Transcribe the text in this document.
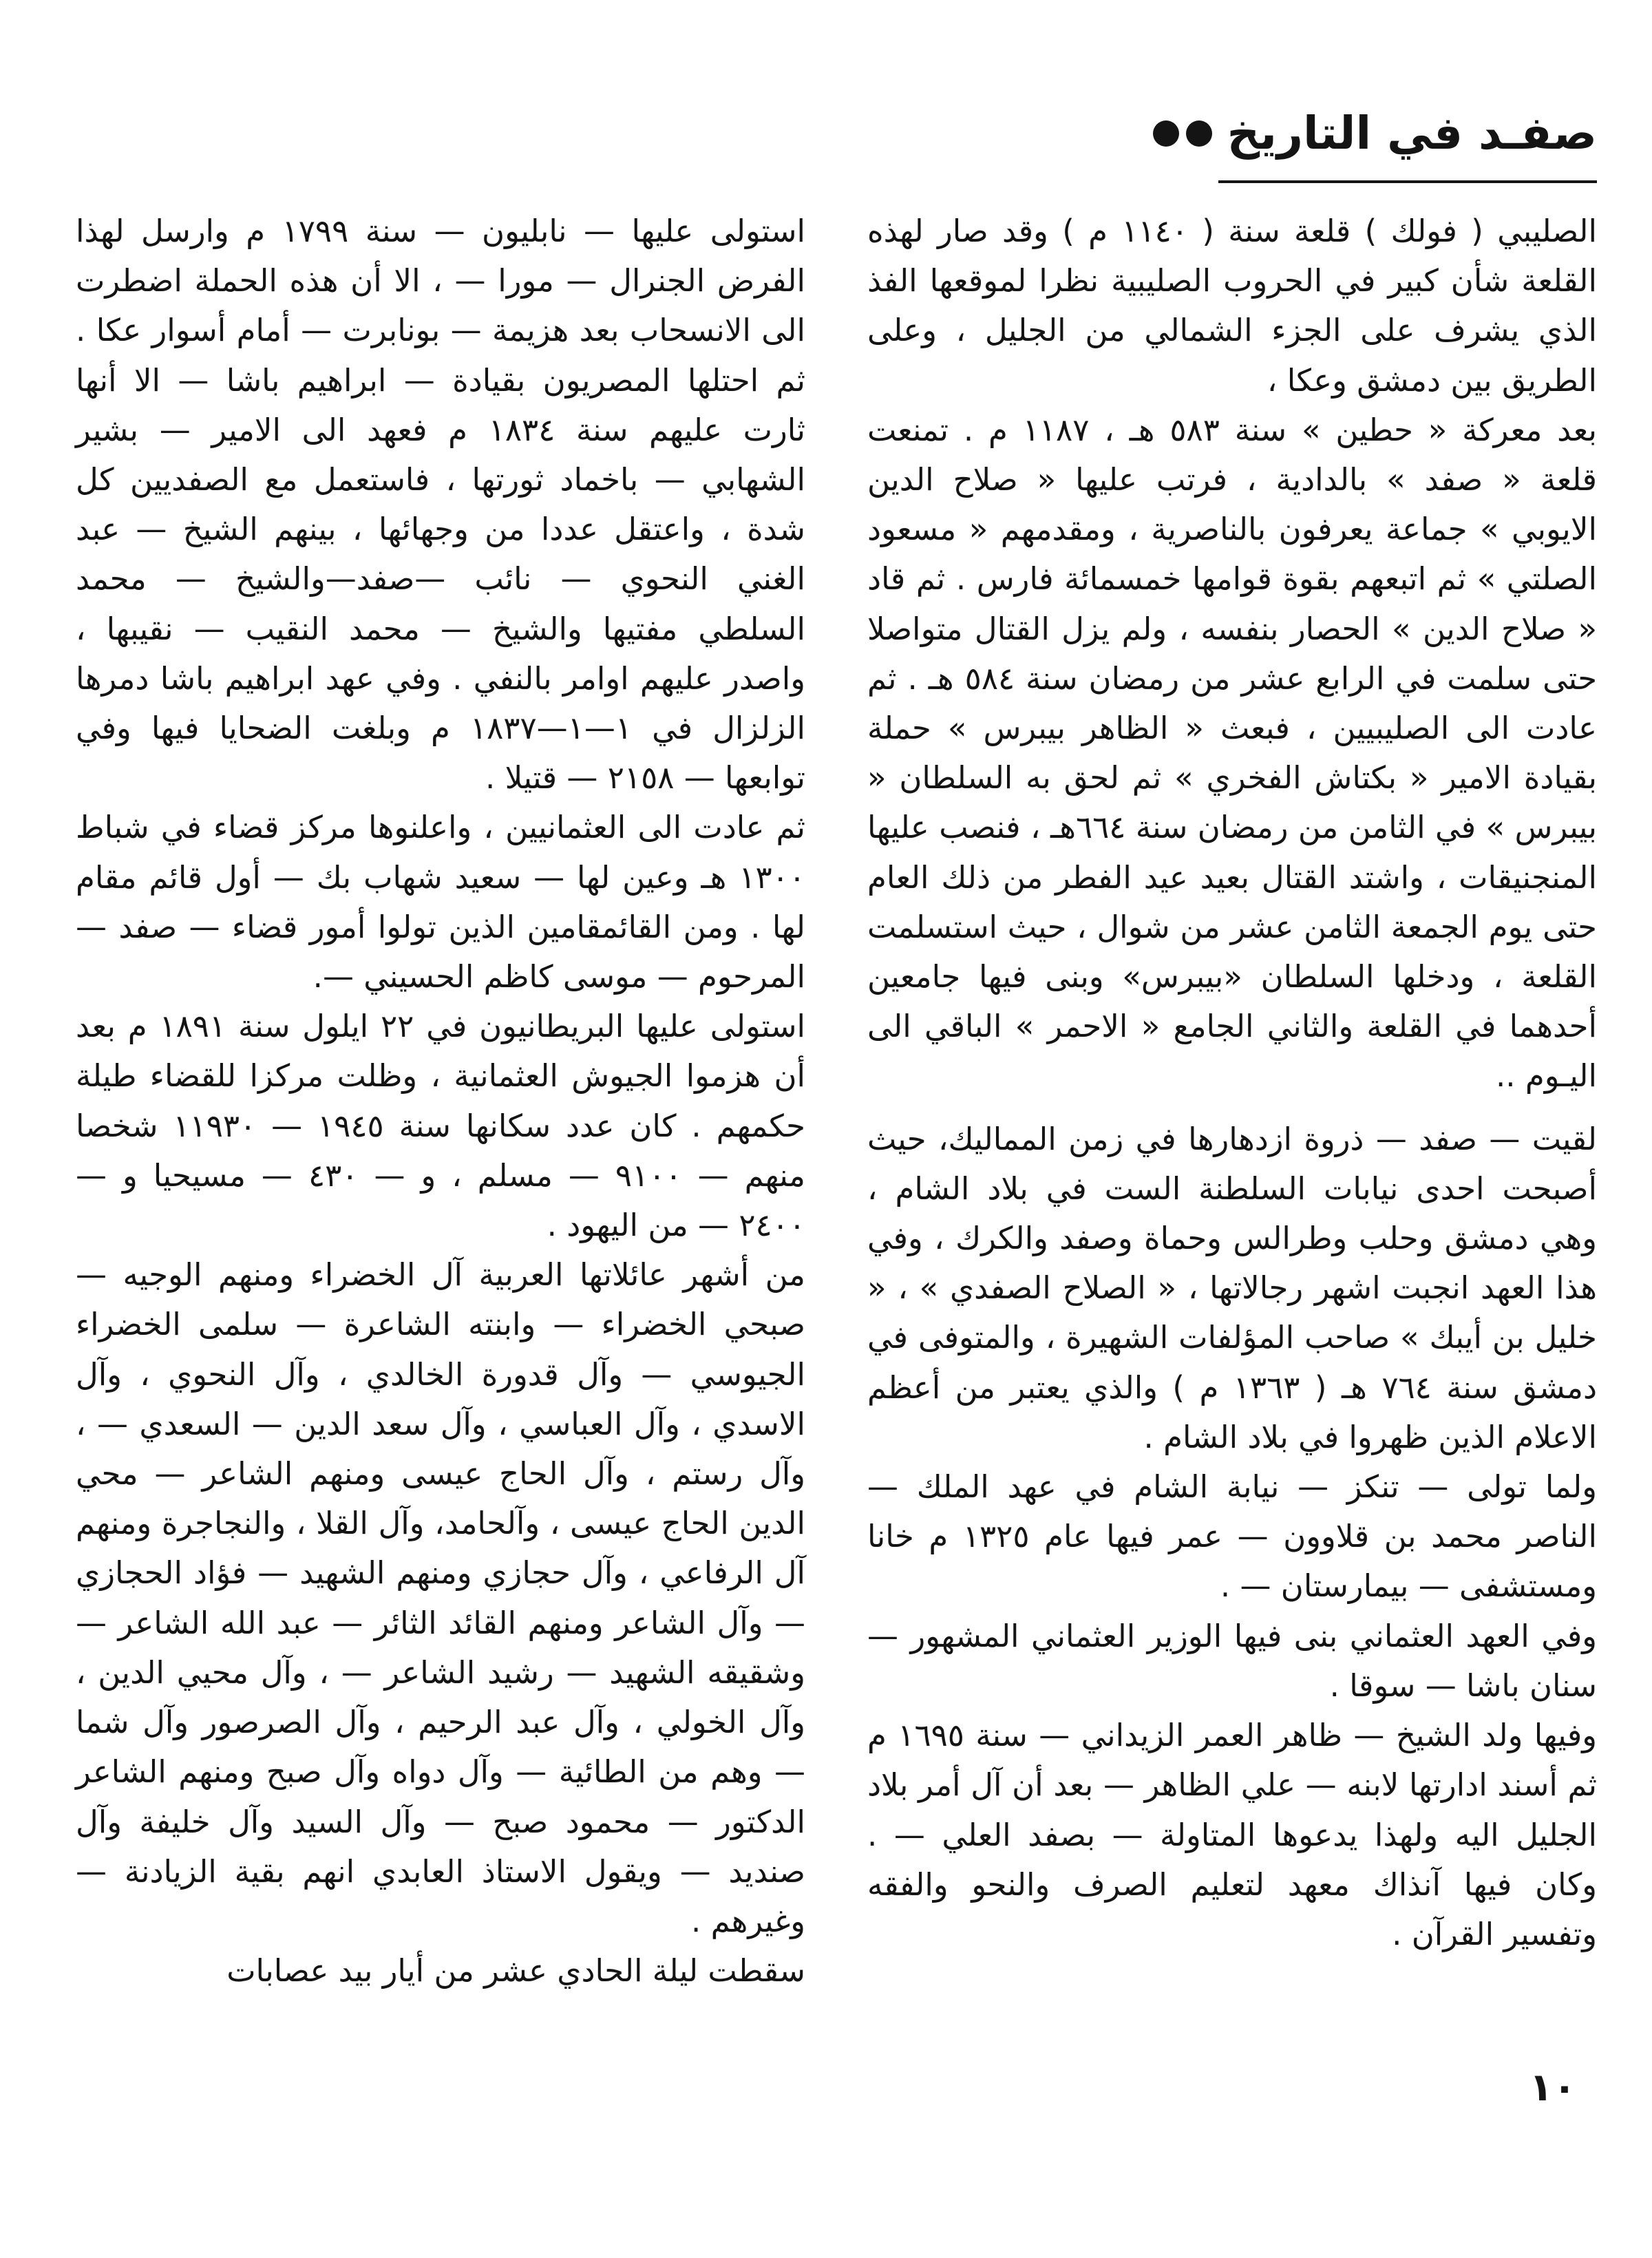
صفـد في التاريخ

الصليبي ( فولك ) قلعة سنة ( ١١٤٠ م ) وقد صار لهذه القلعة شأن كبير في الحروب الصليبية نظرا لموقعها الفذ الذي يشرف على الجزء الشمالي من الجليل ، وعلى الطريق بين دمشق وعكا ،

بعد معركة « حطين » سنة ٥٨٣ هـ ، ١١٨٧ م . تمنعت قلعة « صفد » بالدادية ، فرتب عليها « صلاح الدين الايوبي » جماعة يعرفون بالناصرية ، ومقدمهم « مسعود الصلتي » ثم اتبعهم بقوة قوامها خمسمائة فارس . ثم قاد « صلاح الدين » الحصار بنفسه ، ولم يزل القتال متواصلا حتى سلمت في الرابع عشر من رمضان سنة ٥٨٤ هـ . ثم عادت الى الصليبيين ، فبعث « الظاهر بيبرس » حملة بقيادة الامير « بكتاش الفخري » ثم لحق به السلطان « بيبرس » في الثامن من رمضان سنة ٦٦٤هـ ، فنصب عليها المنجنيقات ، واشتد القتال بعيد عيد الفطر من ذلك العام حتى يوم الجمعة الثامن عشر من شوال ، حيث استسلمت القلعة ، ودخلها السلطان «بيبرس» وبنى فيها جامعين أحدهما في القلعة والثاني الجامع « الاحمر » الباقي الى اليـوم ..

لقيت — صفد — ذروة ازدهارها في زمن المماليك، حيث أصبحت احدى نيابات السلطنة الست في بلاد الشام ، وهي دمشق وحلب وطرالس وحماة وصفد والكرك ، وفي هذا العهد انجبت اشهر رجالاتها ، « الصلاح الصفدي » ، « خليل بن أيبك » صاحب المؤلفات الشهيرة ، والمتوفى في دمشق سنة ٧٦٤ هـ ( ١٣٦٣ م ) والذي يعتبر من أعظم الاعلام الذين ظهروا في بلاد الشام .

ولما تولى — تنكز — نيابة الشام في عهد الملك — الناصر محمد بن قلاوون — عمر فيها عام ١٣٢٥ م خانا ومستشفى — بيمارستان — .

وفي العهد العثماني بنى فيها الوزير العثماني المشهور — سنان باشا — سوقا .

وفيها ولد الشيخ — ظاهر العمر الزيداني — سنة ١٦٩٥ م ثم أسند ادارتها لابنه — علي الظاهر — بعد أن آل أمر بلاد الجليل اليه ولهذا يدعوها المتاولة — بصفد العلي — . وكان فيها آنذاك معهد لتعليم الصرف والنحو والفقه وتفسير القرآن .

استولى عليها — نابليون — سنة ١٧٩٩ م وارسل لهذا الفرض الجنرال — مورا — ، الا أن هذه الحملة اضطرت الى الانسحاب بعد هزيمة — بونابرت — أمام أسوار عكا . ثم احتلها المصريون بقيادة — ابراهيم باشا — الا أنها ثارت عليهم سنة ١٨٣٤ م فعهد الى الامير — بشير الشهابي — باخماد ثورتها ، فاستعمل مع الصفديين كل شدة ، واعتقل عددا من وجهائها ، بينهم الشيخ — عبد الغني النحوي — نائب —صفد—والشيخ — محمد السلطي مفتيها والشيخ — محمد النقيب — نقيبها ، واصدر عليهم اوامر بالنفي . وفي عهد ابراهيم باشا دمرها الزلزال في ١—١—١٨٣٧ م وبلغت الضحايا فيها وفي توابعها — ٢١٥٨ — قتيلا .

ثم عادت الى العثمانيين ، واعلنوها مركز قضاء في شباط ١٣٠٠ هـ وعين لها — سعيد شهاب بك — أول قائم مقام لها . ومن القائمقامين الذين تولوا أمور قضاء — صفد — المرحوم — موسى كاظم الحسيني —.

استولى عليها البريطانيون في ٢٢ ايلول سنة ١٨٩١ م بعد أن هزموا الجيوش العثمانية ، وظلت مركزا للقضاء طيلة حكمهم . كان عدد سكانها سنة ١٩٤٥ — ١١٩٣٠ شخصا منهم — ٩١٠٠ — مسلم ، و — ٤٣٠ — مسيحيا و — ٢٤٠٠ — من اليهود .

من أشهر عائلاتها العربية آل الخضراء ومنهم الوجيه — صبحي الخضراء — وابنته الشاعرة — سلمى الخضراء الجيوسي — وآل قدورة الخالدي ، وآل النحوي ، وآل الاسدي ، وآل العباسي ، وآل سعد الدين — السعدي — ، وآل رستم ، وآل الحاج عيسى ومنهم الشاعر — محي الدين الحاج عيسى ، وآلحامد، وآل القلا ، والنجاجرة ومنهم آل الرفاعي ، وآل حجازي ومنهم الشهيد — فؤاد الحجازي — وآل الشاعر ومنهم القائد الثائر — عبد الله الشاعر — وشقيقه الشهيد — رشيد الشاعر — ، وآل محيي الدين ، وآل الخولي ، وآل عبد الرحيم ، وآل الصرصور وآل شما — وهم من الطائية — وآل دواه وآل صبح ومنهم الشاعر الدكتور — محمود صبح — وآل السيد وآل خليفة وآل صنديد — ويقول الاستاذ العابدي انهم بقية الزيادنة — وغيرهم .

سقطت ليلة الحادي عشر من أيار بيد عصابات

١٠
